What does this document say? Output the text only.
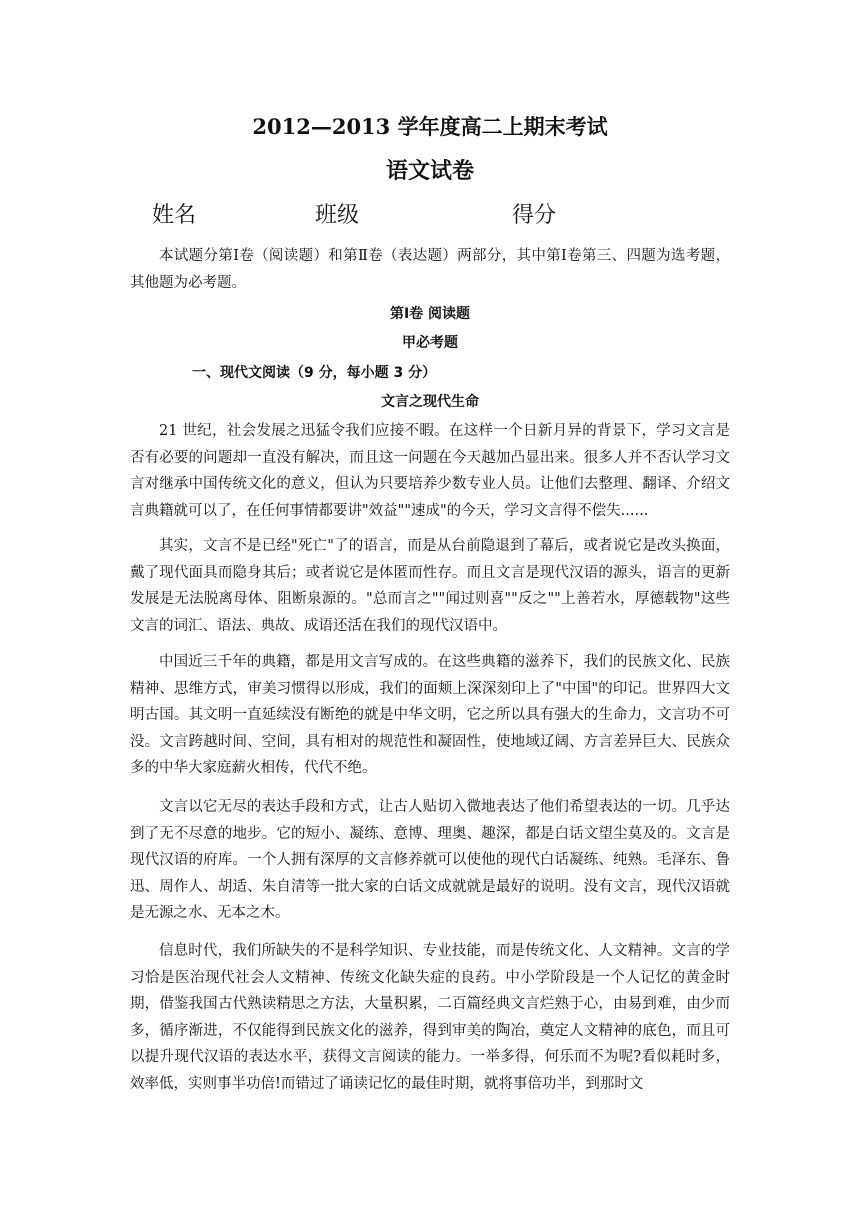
2012—2013 学年度高二上期末考试
语文试卷
姓名	班级	得分
本试题分第Ⅰ卷（阅读题）和第Ⅱ卷（表达题）两部分，其中第Ⅰ卷第三、四题为选考题，其他题为必考题。
第Ⅰ卷 阅读题
甲必考题
一、现代文阅读（9 分，每小题 3 分）
文言之现代生命
21 世纪，社会发展之迅猛令我们应接不暇。在这样一个日新月异的背景下，学习文言是否有必要的问题却一直没有解决，而且这一问题在今天越加凸显出来。很多人并不否认学习文言对继承中国传统文化的意义，但认为只要培养少数专业人员。让他们去整理、翻译、介绍文言典籍就可以了，在任何事情都要讲"效益""速成"的今天，学习文言得不偿失......
其实，文言不是已经"死亡"了的语言，而是从台前隐退到了幕后，或者说它是改头换面，戴了现代面具而隐身其后；或者说它是体匿而性存。而且文言是现代汉语的源头，语言的更新发展是无法脱离母体、阻断泉源的。"总而言之""闻过则喜""反之""上善若水，厚德载物"这些文言的词汇、语法、典故、成语还活在我们的现代汉语中。
中国近三千年的典籍，都是用文言写成的。在这些典籍的滋养下，我们的民族文化、民族精神、思维方式，审美习惯得以形成，我们的面颊上深深刻印上了"中国"的印记。世界四大文明古国。其文明一直延续没有断绝的就是中华文明，它之所以具有强大的生命力，文言功不可没。文言跨越时间、空间，具有相对的规范性和凝固性，使地域辽阔、方言差异巨大、民族众多的中华大家庭薪火相传，代代不绝。
文言以它无尽的表达手段和方式，让古人贴切入微地表达了他们希望表达的一切。几乎达到了无不尽意的地步。它的短小、凝练、意博、理奥、趣深，都是白话文望尘莫及的。文言是现代汉语的府库。一个人拥有深厚的文言修养就可以使他的现代白话凝练、纯熟。毛泽东、鲁迅、周作人、胡适、朱自清等一批大家的白话文成就就是最好的说明。没有文言，现代汉语就是无源之水、无本之木。
信息时代，我们所缺失的不是科学知识、专业技能，而是传统文化、人文精神。文言的学习恰是医治现代社会人文精神、传统文化缺失症的良药。中小学阶段是一个人记忆的黄金时期，借鉴我国古代熟读精思之方法，大量积累，二百篇经典文言烂熟于心，由易到难，由少而多，循序渐进，不仅能得到民族文化的滋养，得到审美的陶冶，奠定人文精神的底色，而且可以提升现代汉语的表达水平，获得文言阅读的能力。一举多得，何乐而不为呢?看似耗时多，效率低，实则事半功倍!而错过了诵读记忆的最佳时期，就将事倍功半，到那时文
